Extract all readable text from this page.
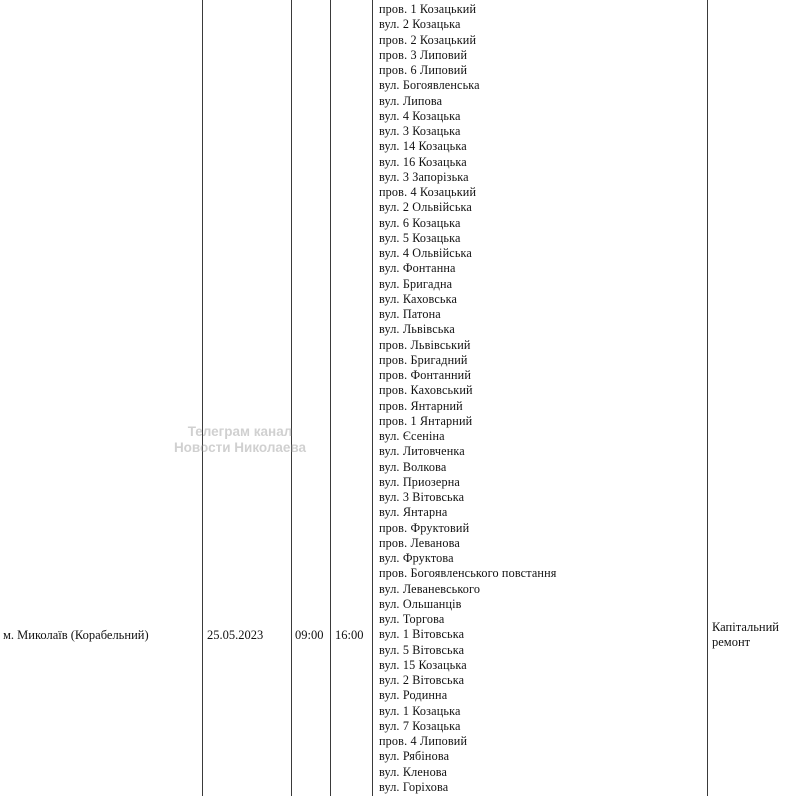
м. Миколаїв (Корабельний)	25.05.2023	09:00 16:00
пров. 1 Козацький
вул. 2 Козацька
пров. 2 Козацький
пров. 3 Липовий
пров. 6 Липовий
вул. Богоявленська
вул. Липова
вул. 4 Козацька
вул. 3 Козацька
вул. 14 Козацька
вул. 16 Козацька
вул. 3 Запорізька
пров. 4 Козацький
вул. 2 Ольвійська
вул. 6 Козацька
вул. 5 Козацька
вул. 4 Ольвійська
вул. Фонтанна
вул. Бригадна
вул. Каховська
вул. Патона
вул. Львівська
пров. Львівський
пров. Бригадний
пров. Фонтанний
пров. Каховський
пров. Янтарний
пров. 1 Янтарний
вул. Єсеніна
вул. Литовченка
вул. Волкова
вул. Приозерна
вул. 3 Вітовська
вул. Янтарна
пров. Фруктовий
пров. Леванова
вул. Фруктова
пров. Богоявленського повстання
вул. Леваневського
вул. Ольшанців
вул. Торгова
вул. 1 Вітовська
вул. 5 Вітовська
вул. 15 Козацька
вул. 2 Вітовська
вул. Родинна
вул. 1 Козацька
вул. 7 Козацька
пров. 4 Липовий
вул. Рябінова
вул. Кленова
вул. Горіхова
Капітальний ремонт
Телеграм канал
Новости Николаева
